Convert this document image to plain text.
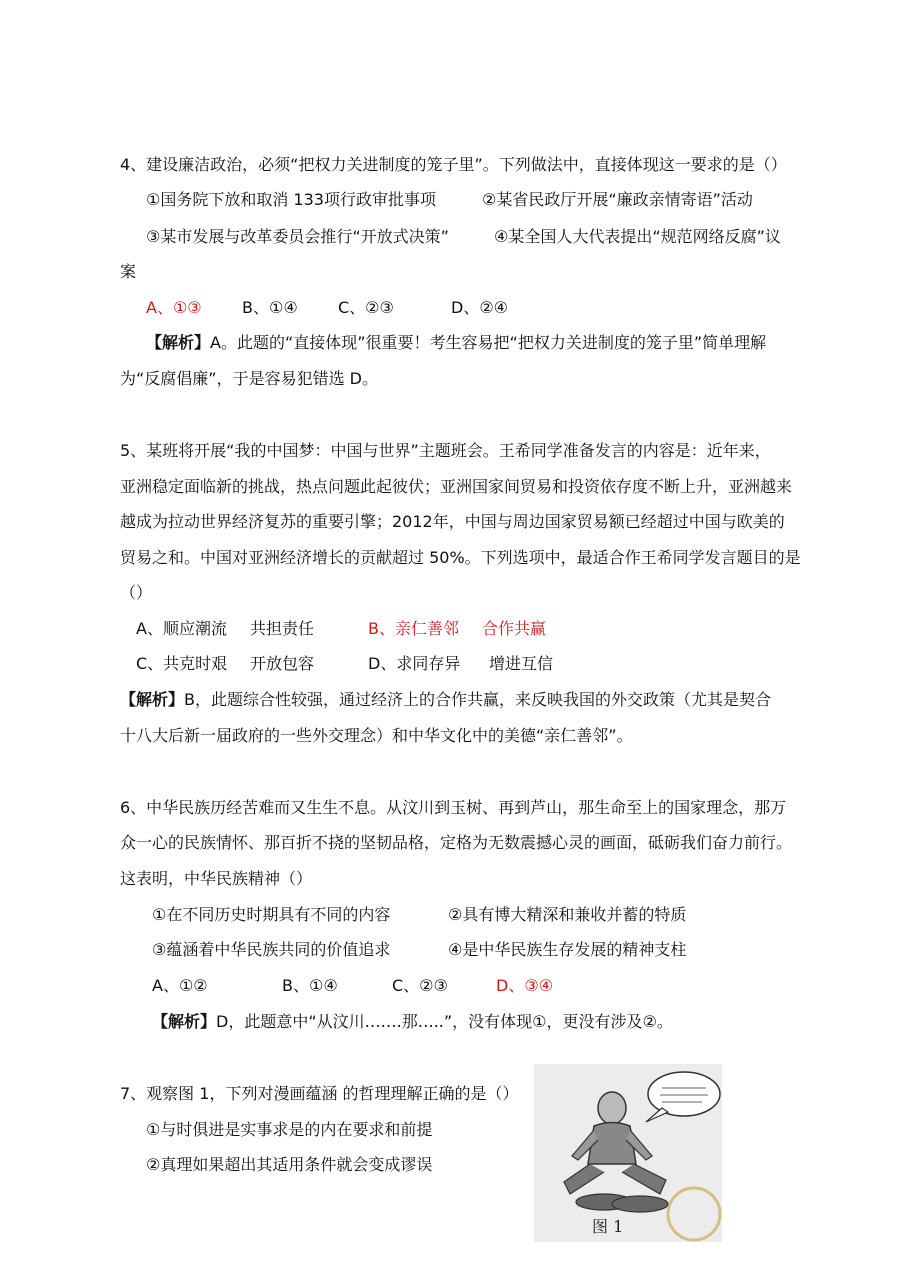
4、建设廉洁政治，必须“把权力关进制度的笼子里”。下列做法中，直接体现这一要求的是（）
①国务院下放和取消 133项行政审批事项	②某省民政厅开展“廉政亲情寄语”活动
③某市发展与改革委员会推行“开放式决策”	④某全国人大代表提出“规范网络反腐”议
案
A、①③	B、①④	C、②③	D、②④
【解析】A。此题的“直接体现”很重要！考生容易把“把权力关进制度的笼子里”简单理解
为“反腐倡廉”，于是容易犯错选 D。
5、某班将开展“我的中国梦：中国与世界”主题班会。王希同学准备发言的内容是：近年来，
亚洲稳定面临新的挑战，热点问题此起彼伏；亚洲国家间贸易和投资依存度不断上升，亚洲越来
越成为拉动世界经济复苏的重要引擎；2012年，中国与周边国家贸易额已经超过中国与欧美的
贸易之和。中国对亚洲经济增长的贡献超过 50%。下列选项中，最适合作王希同学发言题目的是
（）
A、顺应潮流 共担责任	B、亲仁善邻 合作共赢
C、共克时艰 开放包容	D、求同存异 增进互信
【解析】B，此题综合性较强，通过经济上的合作共赢，来反映我国的外交政策（尤其是契合
十八大后新一届政府的一些外交理念）和中华文化中的美德“亲仁善邻”。
6、中华民族历经苦难而又生生不息。从汶川到玉树、再到芦山，那生命至上的国家理念，那万
众一心的民族情怀、那百折不挠的坚韧品格，定格为无数震撼心灵的画面，砥砺我们奋力前行。
这表明，中华民族精神（）
①在不同历史时期具有不同的内容	②具有博大精深和兼收并蓄的特质
③蕴涵着中华民族共同的价值追求	④是中华民族生存发展的精神支柱
A、①②	B、①④	C、②③	D、③④
【解析】D，此题意中“从汶川…….那…..”，没有体现①，更没有涉及②。
7、观察图 1，下列对漫画蕴涵 的哲理理解正确的是（）
①与时俱进是实事求是的内在要求和前提
②真理如果超出其适用条件就会变成谬误
图 1
